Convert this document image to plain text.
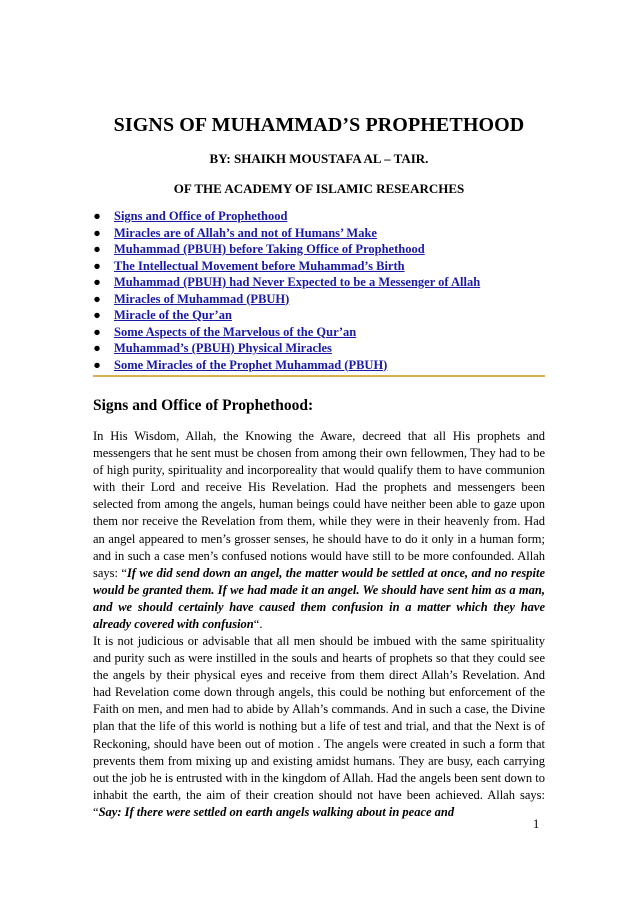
SIGNS OF MUHAMMAD’S PROPHETHOOD
BY: SHAIKH MOUSTAFA AL – TAIR.
OF THE ACADEMY OF ISLAMIC RESEARCHES
● Signs and Office of Prophethood
● Miracles are of Allah’s and not of Humans’ Make
● Muhammad (PBUH) before Taking Office of Prophethood
● The Intellectual Movement before Muhammad’s Birth
● Muhammad (PBUH) had Never Expected to be a Messenger of Allah
● Miracles of Muhammad (PBUH)
● Miracle of the Qur’an
● Some Aspects of the Marvelous of the Qur’an
● Muhammad’s (PBUH) Physical Miracles
● Some Miracles of the Prophet Muhammad (PBUH)
Signs and Office of Prophethood:

In His Wisdom, Allah, the Knowing the Aware, decreed that all His prophets and messengers that he sent must be chosen from among their own fellowmen, They had to be of high purity, spirituality and incorporeality that would qualify them to have communion with their Lord and receive His Revelation. Had the prophets and messengers been selected from among the angels, human beings could have neither been able to gaze upon them nor receive the Revelation from them, while they were in their heavenly from. Had an angel appeared to men’s grosser senses, he should have to do it only in a human form; and in such a case men’s confused notions would have still to be more confounded. Allah says: “If we did send down an angel, the matter would be settled at once, and no respite would be granted them. If we had made it an angel. We should have sent him as a man, and we should certainly have caused them confusion in a matter which they have already covered with confusion“.

It is not judicious or advisable that all men should be imbued with the same spirituality and purity such as were instilled in the souls and hearts of prophets so that they could see the angels by their physical eyes and receive from them direct Allah’s Revelation. And had Revelation come down through angels, this could be nothing but enforcement of the Faith on men, and men had to abide by Allah’s commands. And in such a case, the Divine plan that the life of this world is nothing but a life of test and trial, and that the Next is of Reckoning, should have been out of motion . The angels were created in such a form that prevents them from mixing up and existing amidst humans. They are busy, each carrying out the job he is entrusted with in the kingdom of Allah. Had the angels been sent down to inhabit the earth, the aim of their creation should not have been achieved. Allah says: “Say: If there were settled on earth angels walking about in peace and

1
